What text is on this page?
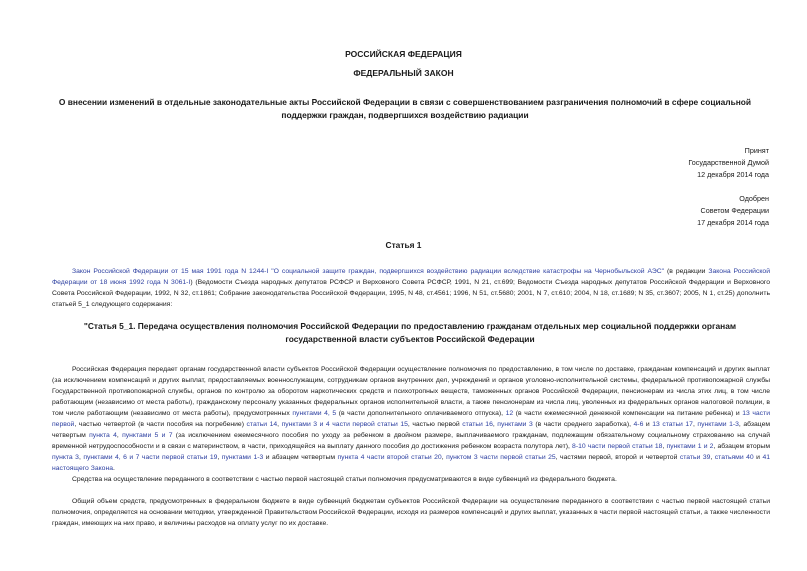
РОССИЙСКАЯ ФЕДЕРАЦИЯ
ФЕДЕРАЛЬНЫЙ ЗАКОН
О внесении изменений в отдельные законодательные акты Российской Федерации в связи с совершенствованием разграничения полномочий в сфере социальной поддержки граждан, подвергшихся воздействию радиации
Принят
Государственной Думой
12 декабря 2014 года
Одобрен
Советом Федерации
17 декабря 2014 года
Статья 1
Закон Российской Федерации от 15 мая 1991 года N 1244-I "О социальной защите граждан, подвергшихся воздействию радиации вследствие катастрофы на Чернобыльской АЭС" (в редакции Закона Российской Федерации от 18 июня 1992 года N 3061-I) (Ведомости Съезда народных депутатов РСФСР и Верховного Совета РСФСР, 1991, N 21, ст.699; Ведомости Съезда народных депутатов Российской Федерации и Верховного Совета Российской Федерации, 1992, N 32, ст.1861; Собрание законодательства Российской Федерации, 1995, N 48, ст.4561; 1996, N 51, ст.5680; 2001, N 7, ст.610; 2004, N 18, ст.1689; N 35, ст.3607; 2005, N 1, ст.25) дополнить статьей 5_1 следующего содержания:
"Статья 5_1. Передача осуществления полномочия Российской Федерации по предоставлению гражданам отдельных мер социальной поддержки органам государственной власти субъектов Российской Федерации
Российская Федерация передает органам государственной власти субъектов Российской Федерации осуществление полномочия по предоставлению, в том числе по доставке, гражданам компенсаций и других выплат (за исключением компенсаций и других выплат, предоставляемых военнослужащим, сотрудникам органов внутренних дел, учреждений и органов уголовно-исполнительной системы, федеральной противопожарной службы Государственной противопожарной службы, органов по контролю за оборотом наркотических средств и психотропных веществ, таможенных органов Российской Федерации, пенсионерам из числа этих лиц, в том числе работающим (независимо от места работы), гражданскому персоналу указанных федеральных органов исполнительной власти, а также пенсионерам из числа лиц, уволенных из федеральных органов налоговой полиции, в том числе работающим (независимо от места работы), предусмотренных пунктами 4, 5 (в части дополнительного оплачиваемого отпуска), 12 (в части ежемесячной денежной компенсации на питание ребенка) и 13 части первой, частью четвертой (в части пособия на погребение) статьи 14, пунктами 3 и 4 части первой статьи 15, частью первой статьи 16, пунктами 3 (в части среднего заработка), 4-6 и 13 статьи 17, пунктами 1-3, абзацем четвертым пункта 4, пунктами 5 и 7 (за исключением ежемесячного пособия по уходу за ребенком в двойном размере, выплачиваемого гражданам, подлежащим обязательному социальному страхованию на случай временной нетрудоспособности и в связи с материнством, в части, приходящейся на выплату данного пособия до достижения ребенком возраста полутора лет), 8-10 части первой статьи 18, пунктами 1 и 2, абзацем вторым пункта 3, пунктами 4, 6 и 7 части первой статьи 19, пунктами 1-3 и абзацем четвертым пункта 4 части второй статьи 20, пунктом 3 части первой статьи 25, частями первой, второй и четвертой статьи 39, статьями 40 и 41 настоящего Закона.
Средства на осуществление переданного в соответствии с частью первой настоящей статьи полномочия предусматриваются в виде субвенций из федерального бюджета.
Общий объем средств, предусмотренных в федеральном бюджете в виде субвенций бюджетам субъектов Российской Федерации на осуществление переданного в соответствии с частью первой настоящей статьи полномочия, определяется на основании методики, утвержденной Правительством Российской Федерации, исходя из размеров компенсаций и других выплат, указанных в части первой настоящей статьи, а также численности граждан, имеющих на них право, и величины расходов на оплату услуг по их доставке.
